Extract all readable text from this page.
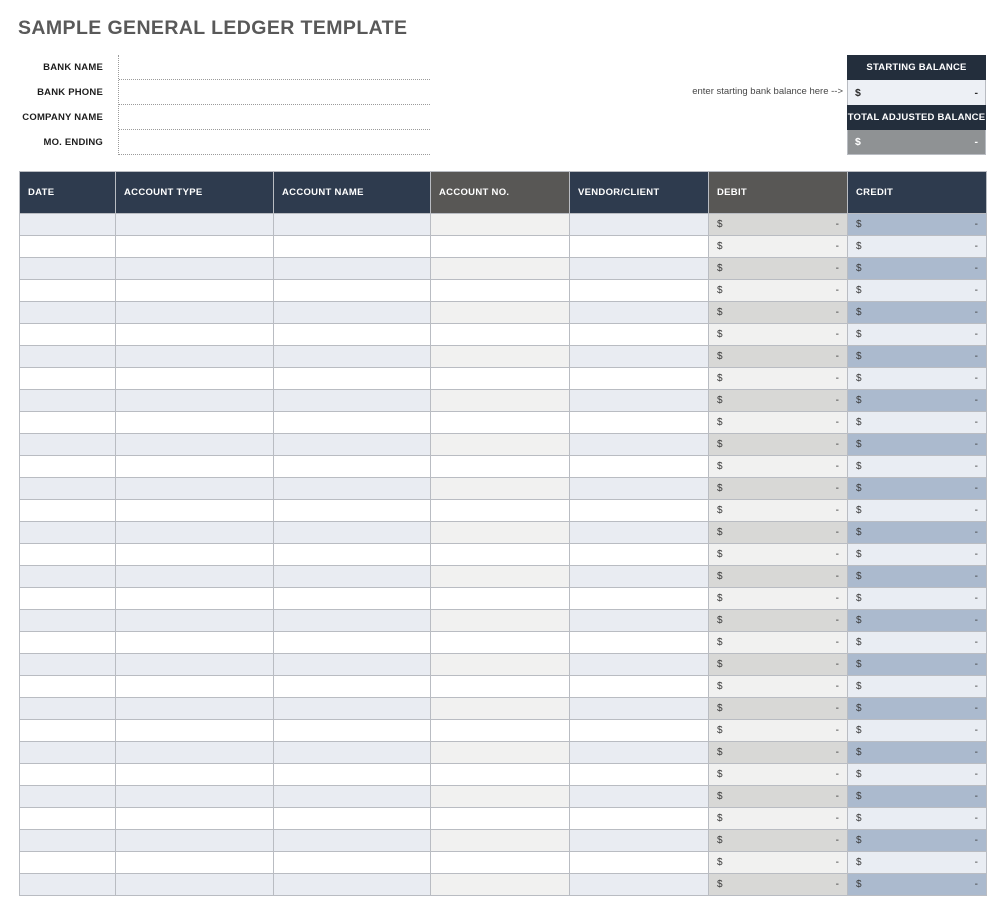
SAMPLE GENERAL LEDGER TEMPLATE
BANK NAME
BANK PHONE
COMPANY NAME
MO. ENDING
enter starting bank balance here -->
STARTING BALANCE
$	-
TOTAL ADJUSTED BALANCE
$	-
DATE	ACCOUNT TYPE	ACCOUNT NAME	ACCOUNT NO.	VENDOR/CLIENT	DEBIT	CREDIT

					$ -	$ -

					$ -	$ -

					$ -	$ -

					$ -	$ -

					$ -	$ -

					$ -	$ -

					$ -	$ -

					$ -	$ -

					$ -	$ -

					$ -	$ -

					$ -	$ -

					$ -	$ -

					$ -	$ -

					$ -	$ -

					$ -	$ -

					$ -	$ -

					$ -	$ -

					$ -	$ -

					$ -	$ -

					$ -	$ -

					$ -	$ -

					$ -	$ -

					$ -	$ -

					$ -	$ -

					$ -	$ -

					$ -	$ -

					$ -	$ -

					$ -	$ -

					$ -	$ -

					$ -	$ -

					$ -	$ -
